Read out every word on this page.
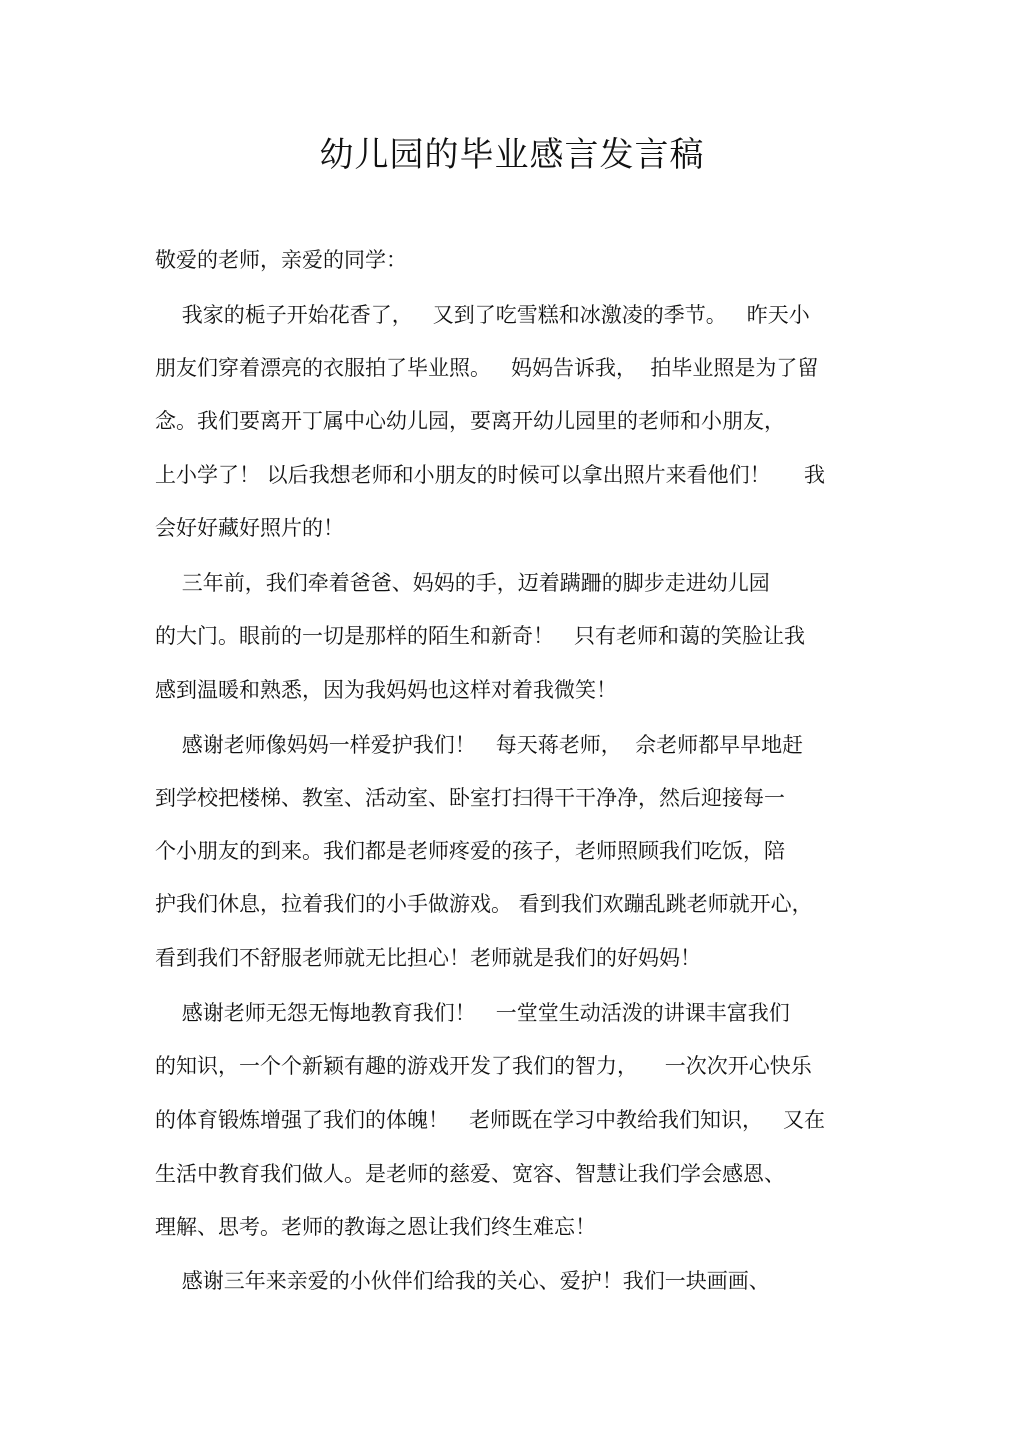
幼儿园的毕业感言发言稿
敬爱的老师，亲爱的同学：
我家的栀子开始花香了，   又到了吃雪糕和冰激凌的季节。   昨天小
朋友们穿着漂亮的衣服拍了毕业照。   妈妈告诉我，  拍毕业照是为了留
念。我们要离开丁属中心幼儿园，要离开幼儿园里的老师和小朋友，
上小学了！ 以后我想老师和小朋友的时候可以拿出照片来看他们！     我
会好好藏好照片的！
三年前，我们牵着爸爸、妈妈的手，迈着蹒跚的脚步走进幼儿园
的大门。眼前的一切是那样的陌生和新奇！   只有老师和蔼的笑脸让我
感到温暖和熟悉，因为我妈妈也这样对着我微笑！
感谢老师像妈妈一样爱护我们！   每天蒋老师，  佘老师都早早地赶
到学校把楼梯、教室、活动室、卧室打扫得干干净净，然后迎接每一
个小朋友的到来。我们都是老师疼爱的孩子，老师照顾我们吃饭，陪
护我们休息，拉着我们的小手做游戏。 看到我们欢蹦乱跳老师就开心，
看到我们不舒服老师就无比担心！老师就是我们的好妈妈！
感谢老师无怨无悔地教育我们！   一堂堂生动活泼的讲课丰富我们
的知识，一个个新颖有趣的游戏开发了我们的智力，    一次次开心快乐
的体育锻炼增强了我们的体魄！   老师既在学习中教给我们知识，   又在
生活中教育我们做人。是老师的慈爱、宽容、智慧让我们学会感恩、
理解、思考。老师的教诲之恩让我们终生难忘！
感谢三年来亲爱的小伙伴们给我的关心、爱护！我们一块画画、
